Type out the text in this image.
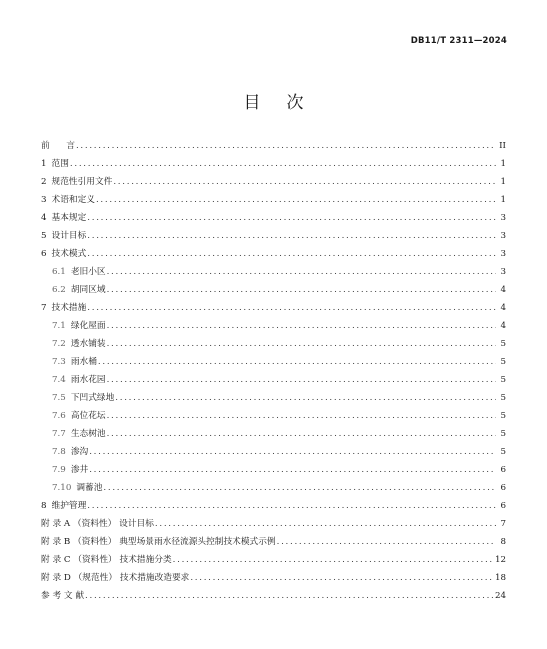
DB11/T 2311—2024
目 次
前      言 .....	II
1 范围 .....	1
2 规范性引用文件 .....	1
3 术语和定义 .....	1
4 基本规定 .....	3
5 设计目标 .....	3
6 技术模式 .....	3
6.1 老旧小区 .....	3
6.2 胡同区域 .....	4
7 技术措施 .....	4
7.1 绿化屋面 .....	4
7.2 透水铺装 .....	5
7.3 雨水桶 .....	5
7.4 雨水花园 .....	5
7.5 下凹式绿地 .....	5
7.6 高位花坛 .....	5
7.7 生态树池 .....	5
7.8 渗沟 .....	5
7.9 渗井 .....	6
7.10 调蓄池 .....	6
8 维护管理 .....	6
附 录 A （资料性） 设计目标 .....	7
附 录 B （资料性） 典型场景雨水径流源头控制技术模式示例 .....	8
附 录 C （资料性） 技术措施分类 .....	12
附 录 D （规范性） 技术措施改造要求 .....	18
参 考 文 献 .....	24
